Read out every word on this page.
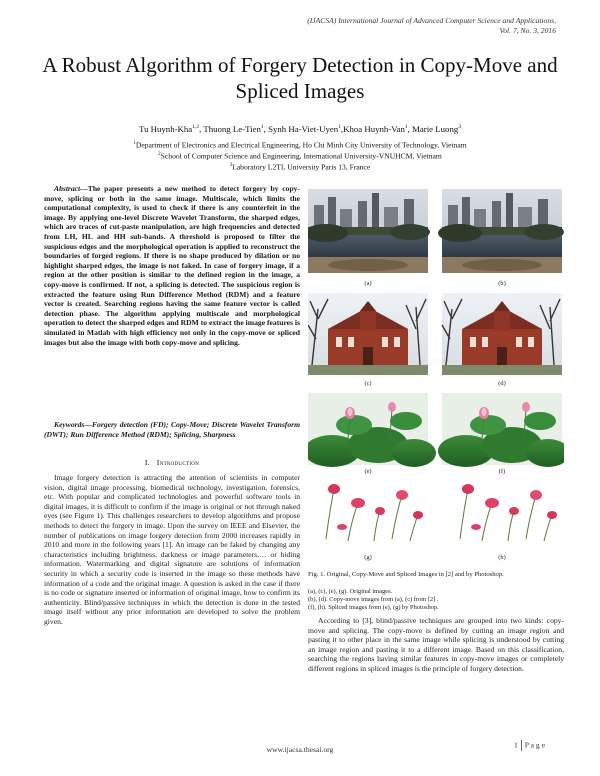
(IJACSA) International Journal of Advanced Computer Science and Applications,
Vol. 7, No. 3, 2016
A Robust Algorithm of Forgery Detection in Copy-Move and Spliced Images
Tu Huynh-Kha$^{1,2}$, Thuong Le-Tien$^1$, Synh Ha-Viet-Uyen$^1$,Khoa Huynh-Van$^1$, Marie Luong$^3$
$^1$Department of Electronics and Electrical Engineering, Ho Chi Minh City University of Technology, Vietnam
$^2$School of Computer Science and Engineering, International University-VNUHCM, Vietnam
$^3$Laboratory L2TI, University Paris 13, France
Abstract—The paper presents a new method to detect forgery by copy-move, splicing or both in the same image. Multiscale, which limits the computational complexity, is used to check if there is any counterfeit in the image. By applying one-level Discrete Wavelet Transform, the sharped edges, which are traces of cut-paste manipulation, are high frequencies and detected from LH, HL and HH sub-bands. A threshold is proposed to filter the suspicious edges and the morphological operation is applied to reconstruct the boundaries of forged regions. If there is no shape produced by dilation or no highlight sharped edges, the image is not faked. In case of forgery image, if a region at the other position is similar to the defined region in the image, a copy-move is confirmed. If not, a splicing is detected. The suspicious region is extracted the feature using Run Difference Method (RDM) and a feature vector is created. Searching regions having the same feature vector is called detection phase. The algorithm applying multiscale and morphological operation to detect the sharped edges and RDM to extract the image features is simulated in Matlab with high efficiency not only in the copy-move or spliced images but also the image with both copy-move and splicing.
Keywords—Forgery detection (FD); Copy-Move; Discrete Wavelet Transform (DWT); Run Difference Method (RDM); Splicing, Sharpness
I. Introduction
Image forgery detection is attracting the attention of scientists in computer vision, digital image processing, biomedical technology, investigation, forensics, etc. With popular and complicated technologies and powerful software tools in digital images, it is difficult to confirm if the image is original or not through naked eyes (see Figure 1). This challenges researchers to develop algorithms and propose methods to detect the forgery in image. Upon the survey on IEEE and Elsevier, the number of publications on image forgery detection from 2000 increases rapidly in 2010 and more in the following years [1]. An image can be faked by changing any characteristics including brightness, darkness or image parameters,… or hiding information. Watermarking and digital signature are solutions of information security in which a security code is inserted in the image so these methods have information of a code and the original image. A question is asked in the case if there is no code or signature inserted or information of original image, how to confirm its authenticity. Blind/passive techniques in which the detection is done in the tested image itself without any prior information are developed to solve the problem given.
(a)	(b)
(c)	(d)
(e)	(f)
(g)	(h)
Fig. 1. Original, Copy-Move and Spliced Images in [2] and by Photoshop.
(a), (c), (e), (g). Original images.
(b), (d). Copy-move images from (a), (c) from [2] .
(f), (h). Spliced images from (e), (g) by Photoshop.
According to [3], blind/passive techniques are grouped into two kinds: copy-move and splicing. The copy-move is defined by cutting an image region and pasting it to other place in the same image while splicing is understood by cutting an image region and pasting it to a different image. Based on this classification, searching the regions having similar features in copy-move images or completely different regions in spliced images is the principle of forgery detection.
1 P a g e
www.ijacsa.thesai.org
